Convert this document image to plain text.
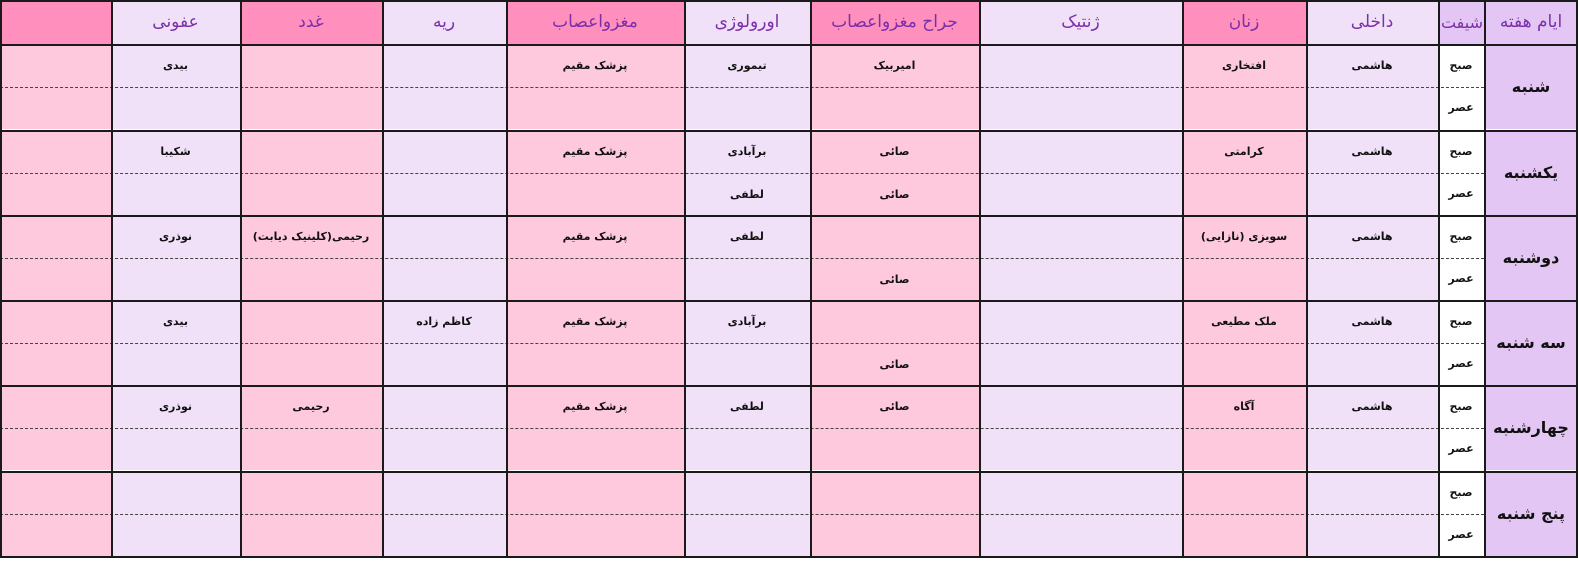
ایام هفته
شیفت
داخلی
زنان
ژنتیک
جراح مغزواعصاب
اورولوژی
مغزواعصاب
ریه
غدد
عفونی
شنبه
صبح
عصر
هاشمی
افتخاری
امیربیک
تیموری
پزشک مقیم
بیدی
یکشنبه
صبح
عصر
هاشمی
کرامتی
صائی
صائی
برآبادی
لطفی
پزشک مقیم
شکیبا
دوشنبه
صبح
عصر
هاشمی
سویزی (نازایی)
صائی
لطفی
پزشک مقیم
رحیمی(کلینیک دیابت)
نوذری
سه شنبه
صبح
عصر
هاشمی
ملک مطیعی
صائی
برآبادی
پزشک مقیم
کاظم زاده
بیدی
چهارشنبه
صبح
عصر
هاشمی
آگاه
صائی
لطفی
پزشک مقیم
رحیمی
نوذری
پنج شنبه
صبح
عصر
